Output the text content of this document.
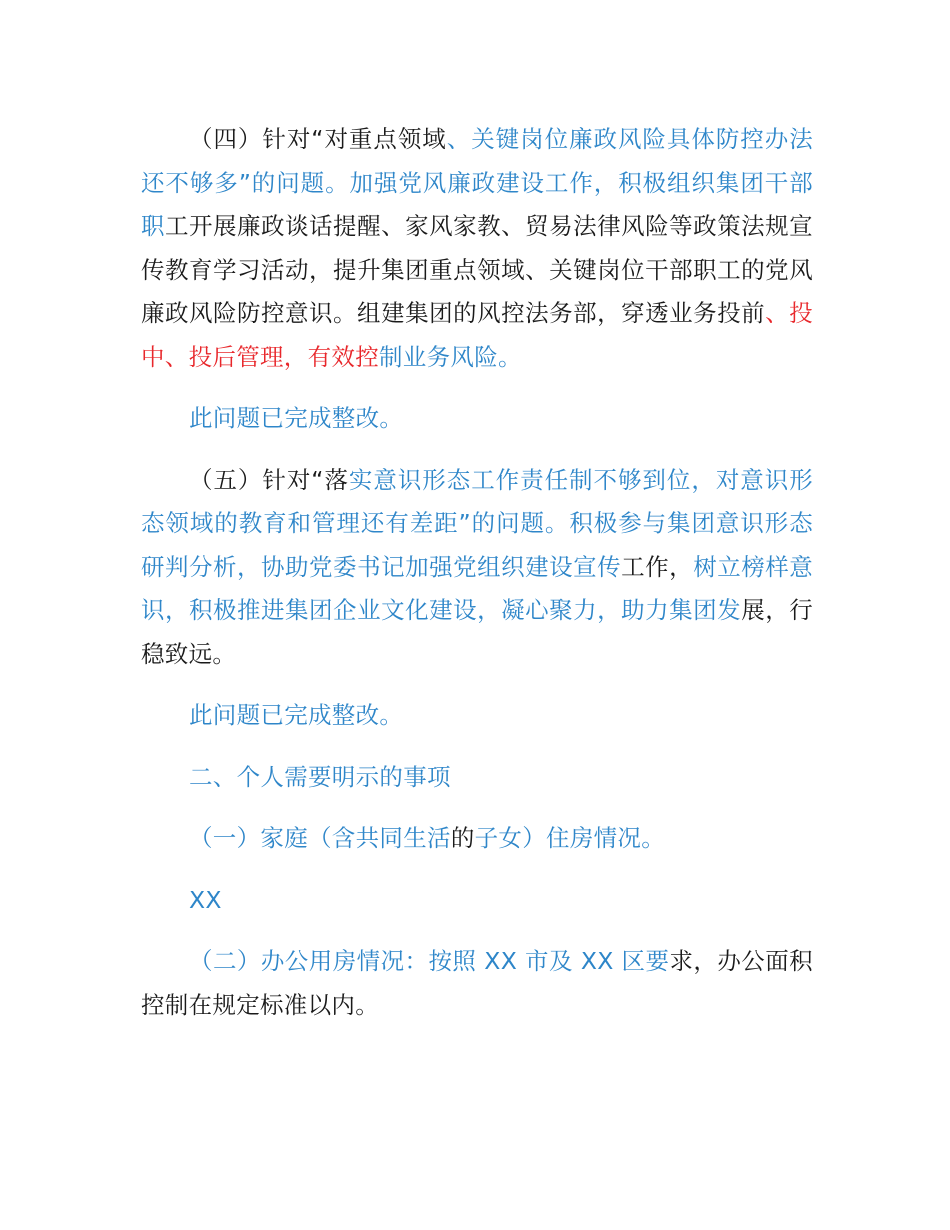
（四）针对“对重点领域、关键岗位廉政风险具体防控办法还不够多”的问题。加强党风廉政建设工作，积极组织集团干部职工开展廉政谈话提醒、家风家教、贸易法律风险等政策法规宣传教育学习活动，提升集团重点领域、关键岗位干部职工的党风廉政风险防控意识。组建集团的风控法务部，穿透业务投前、投中、投后管理，有效控制业务风险。

此问题已完成整改。

（五）针对“落实意识形态工作责任制不够到位，对意识形态领域的教育和管理还有差距”的问题。积极参与集团意识形态研判分析，协助党委书记加强党组织建设宣传工作，树立榜样意识，积极推进集团企业文化建设，凝心聚力，助力集团发展，行稳致远。

此问题已完成整改。

二、个人需要明示的事项

（一）家庭（含共同生活的子女）住房情况。

XX

（二）办公用房情况：按照 XX 市及 XX 区要求，办公面积控制在规定标准以内。
